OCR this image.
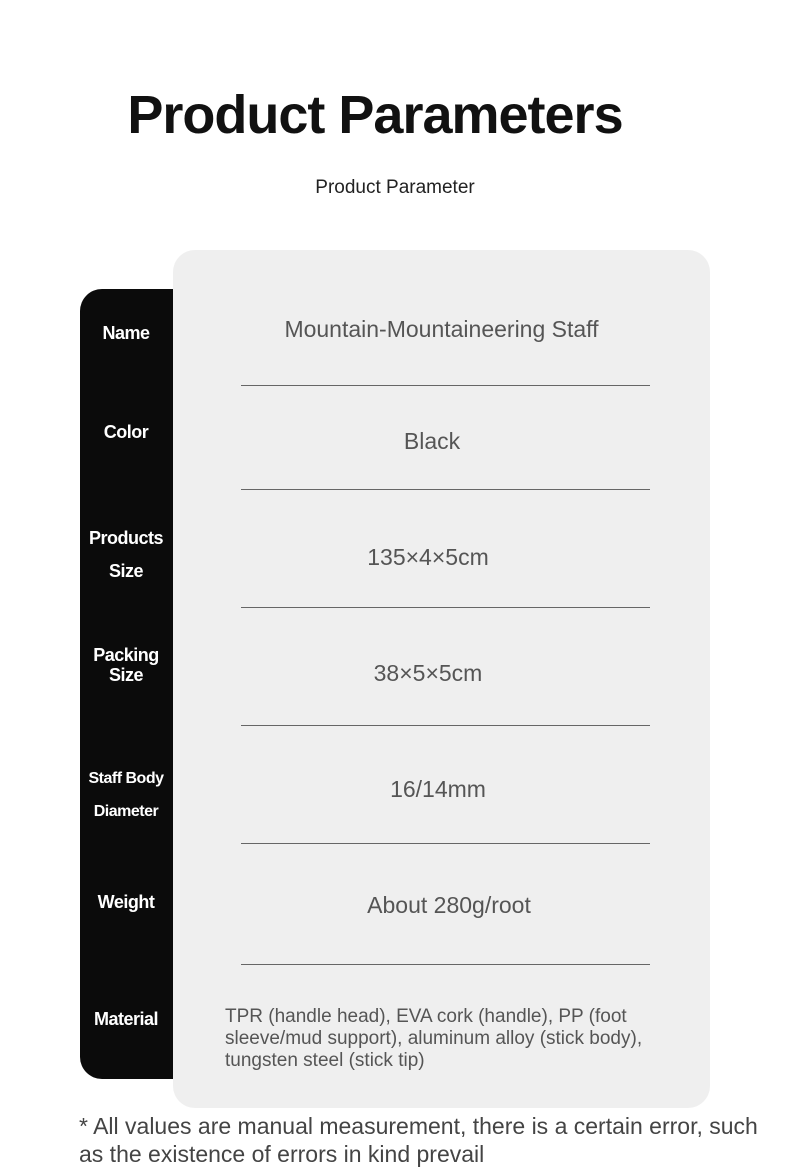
Product Parameters
Product Parameter
Name
Color
Products Size
Packing Size
Staff Body Diameter
Weight
Material
Mountain-Mountaineering Staff
Black
135×4×5cm
38×5×5cm
16/14mm
About 280g/root
TPR (handle head), EVA cork (handle), PP (foot sleeve/mud support), aluminum alloy (stick body), tungsten steel (stick tip)
* All values are manual measurement, there is a certain error, such as the existence of errors in kind prevail
